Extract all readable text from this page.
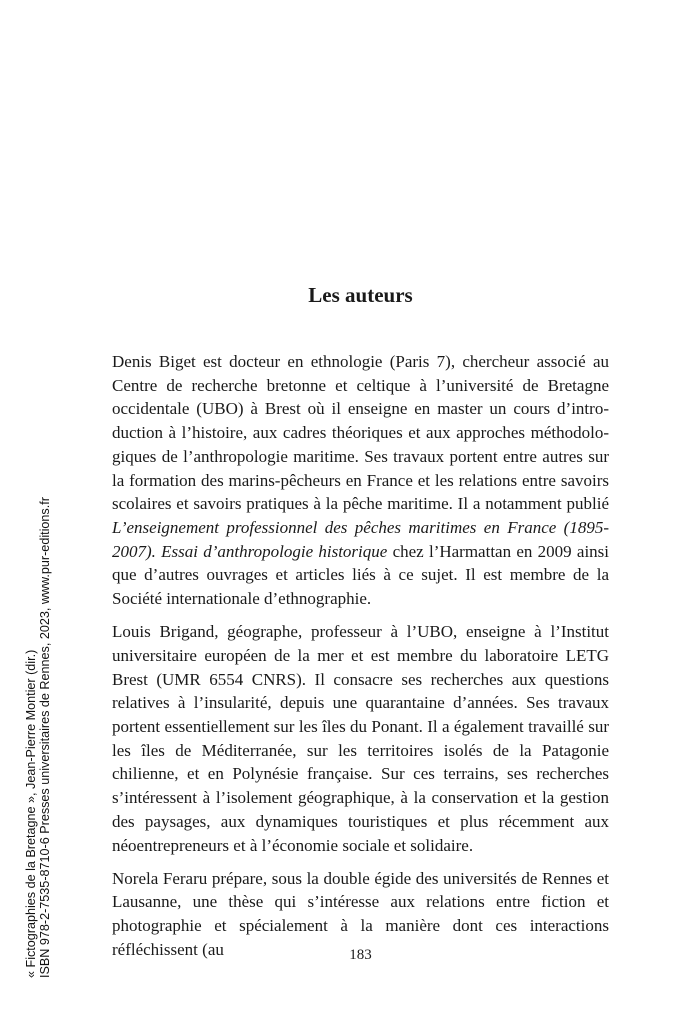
« Fictographies de la Bretagne », Jean-Pierre Montier (dir.) ISBN 978-2-7535-8710-6 Presses universitaires de Rennes, 2023, www.pur-editions.fr
Les auteurs

Denis Biget est docteur en ethnologie (Paris 7), chercheur associé au Centre de recherche bretonne et celtique à l’université de Bretagne occidentale (UBO) à Brest où il enseigne en master un cours d’introduction à l’histoire, aux cadres théoriques et aux approches méthodologiques de l’anthropologie maritime. Ses travaux portent entre autres sur la formation des marins-pêcheurs en France et les relations entre savoirs scolaires et savoirs pratiques à la pêche maritime. Il a notamment publié L’enseignement professionnel des pêches maritimes en France (1895-2007). Essai d’anthropologie historique chez l’Harmattan en 2009 ainsi que d’autres ouvrages et articles liés à ce sujet. Il est membre de la Société internationale d’ethnographie.

Louis Brigand, géographe, professeur à l’UBO, enseigne à l’Institut universitaire européen de la mer et est membre du laboratoire LETG Brest (UMR 6554 CNRS). Il consacre ses recherches aux questions relatives à l’insularité, depuis une quarantaine d’années. Ses travaux portent essentiellement sur les îles du Ponant. Il a également travaillé sur les îles de Méditerranée, sur les territoires isolés de la Patagonie chilienne, et en Polynésie française. Sur ces terrains, ses recherches s’intéressent à l’isolement géographique, à la conservation et la gestion des paysages, aux dynamiques touristiques et plus récemment aux néoentrepreneurs et à l’économie sociale et solidaire.

Norela Feraru prépare, sous la double égide des universités de Rennes et Lausanne, une thèse qui s’intéresse aux relations entre fiction et photographie et spécialement à la manière dont ces interactions réfléchissent (au	183
